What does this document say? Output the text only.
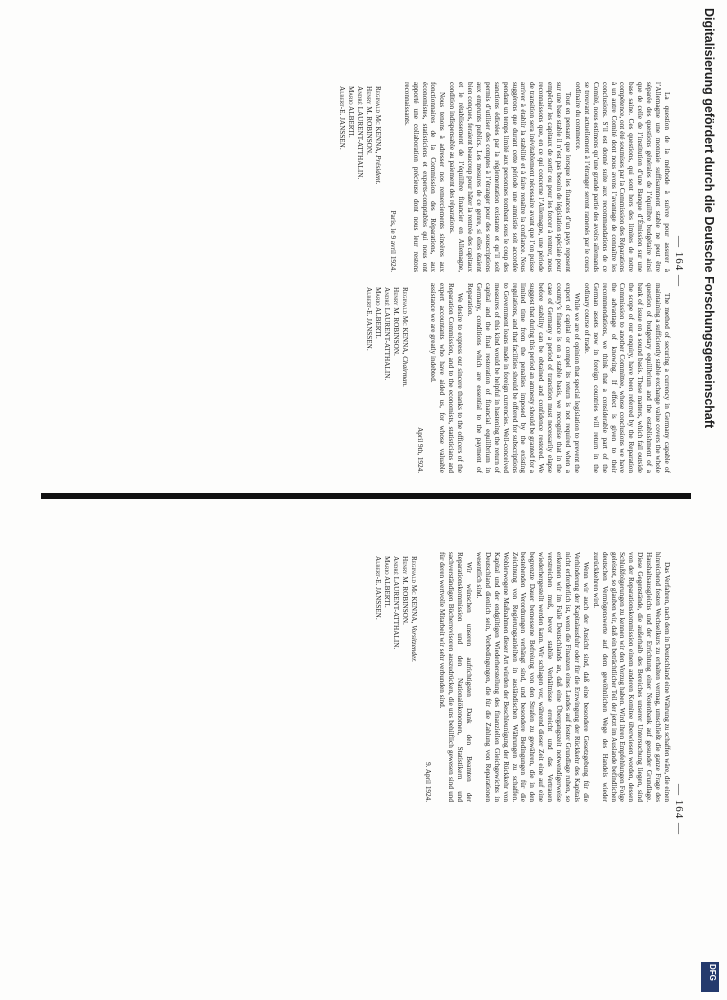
— 164 —

La question de la méthode à suivre pour assurer à l’Allemagne une monnaie suffisamment stable ne peut être séparée des questions générales de l’équilibre budgétaire ainsi que de celle de l’institution d’une Banque d’Émission sur une base saine. Ces questions, qui sont hors des limites de notre compétence, ont été soumises par la Commission des Réparations à un autre Comité dont nous avons l’avantage de connaître les conclusions. S’il est donné suite aux recommandations de ce Comité, nous estimons qu’une grande partie des avoirs allemands se trouvant actuellement à l’étranger seront ramenés par le cours ordinaire du commerce.

Tout en pensant que lorsque les finances d’un pays reposent sur une base stable il n’est pas besoin de législation spéciale pour empêcher les capitaux de sortir ou pour les forcer à rentrer, nous reconnaissons que, en ce qui concerne l’Allemagne, une période de transition sera inévitablement nécessaire avant que l’on puisse arriver à établir la stabilité et à faire renaître la confiance. Nous suggérons que durant cette période une amnistie soit accordée pendant un temps limité aux personnes tombant sous le coup des sanctions édictées par la réglementation existante et qu’il soit permis d’utiliser des comptes à l’étranger pour des souscriptions aux emprunts publics. Les mesures de ce genre, si elles étaient bien conçues, feraient beaucoup pour hâter la rentrée des capitaux et le rétablissement de l’équilibre financier en Allemagne, condition indispensable au paiement des réparations.

Nous tenons à adresser nos remerciements sincères aux fonctionnaires de la Commission des Réparations, aux économistes, statisticiens et experts-comptables qui nous ont apporté une collaboration précieuse dont nous leur restons reconnaissants.

Paris, le 9 avril 1924.

Reginald Mc KENNA, Président.
Henry M. ROBINSON.
André LAURENT-ATTHALIN.
Mario ALBERTI.
Albert-E. JANSSEN.

The method of securing a currency in Germany capable of maintaining a sufficiently stable exchange value covers the whole question of budgetary equilibrium and the establishment of a bank of issue on a sound basis. These matters, which fall outside the scope of our enquiry, have been referred by the Reparation Commission to another Committee, whose conclusions we have the advantage of knowing. If effect is given to their recommendations, we think that a considerable part of the German assets now in foreign countries will return in the ordinary course of trade.

While we are of opinion that special legislation to prevent the export of capital or compel its return is not required when a country’s finance is on a stable basis, we recognise that in the case of Germany a period of transition must necessarily elapse before stability can be obtained and confidence restored. We suggest that during this period an amnesty should be granted for a limited time from the penalties imposed by the existing regulations, and that facilities should be offered for subscriptions to Government loans made in foreign currencies. Well-conceived measures of this kind would be helpful in hastening the return of capital and the final restoration of financial equilibrium in Germany, conditions which are essential to the payment of Reparation.

We desire to express our sincere thanks to the officers of the Reparation Commission, and to the economists, statisticians and expert accountants who have aided us, for whose valuable assistance we are greatly indebted.

April 9th, 1924.

Reginald Mc KENNA, Chairman.
Henry M. ROBINSON.
André LAURENT-ATTHALIN.
Mario ALBERTI.
Albert-E. JANSSEN.
— 164 —

Das Verfahren, nach dem in Deutschland eine Währung zu schaffen wäre, die einen hinreichend festen Wechselkurs zu erhalten vermag, umschließt die ganze Frage des Haushaltsausgleichs und der Errichtung einer Notenbank auf gesunder Grundlage. Diese Gegenstände, die außerhalb des Bereiches unserer Untersuchung liegen, sind von der Reparationskommission einem anderen Komitee überwiesen worden, dessen Schlußfolgerungen zu kennen wir den Vorzug haben. Wird ihren Empfehlungen Folge geleistet, so glauben wir, daß ein beträchtlicher Teil der jetzt im Auslande befindlichen deutschen Vermögenswerte auf dem gewöhnlichen Wege des Handels wieder zurückkehren wird.

Wenn wir auch der Ansicht sind, daß eine besondere Gesetzgebung für die Verhinderung der Kapitalausfuhr oder für die Erzwingung der Rückkehr des Kapitals nicht erforderlich ist, wenn die Finanzen eines Landes auf fester Grundlage ruhen, so erkennen wir im Falle Deutschlands an, daß eine Übergangszeit notwendigerweise verstreichen muß, bevor stabile Verhältnisse erreicht und das Vertrauen wiederhergestellt werden kann. Wir schlagen vor, während dieser Zeit eine auf eine begrenzte Dauer bemessene Befreiung von den Strafen zu gewähren, die in den bestehenden Verordnungen verhängt sind, und besondere Bedingungen für die Zeichnung von Regierungsanleihen in ausländischen Währungen zu schaffen. Wohlerwogene Maßnahmen dieser Art würden der Beschleunigung der Rückkehr von Kapital und der endgültigen Wiederherstellung des finanziellen Gleichgewichts in Deutschland dienlich sein, Vorbedingungen, die für die Zahlung von Reparationen wesentlich sind.

Wir wünschen unseren aufrichtigsten Dank den Beamten der Reparationskommission und den Nationalökonomen, Statistikern und sachverständigen Bücherrevisoren auszudrücken, die uns behilflich gewesen sind und für deren wertvolle Mitarbeit wir sehr verbunden sind.

9. April 1924.

Reginald Mc KENNA, Vorsitzender.
Henry M. ROBINSON.
André LAURENT-ATTHALIN.
Mario ALBERTI.
Albert-E. JANSSEN.
Digitalisierung gefördert durch die Deutsche Forschungsgemeinschaft
DFG
